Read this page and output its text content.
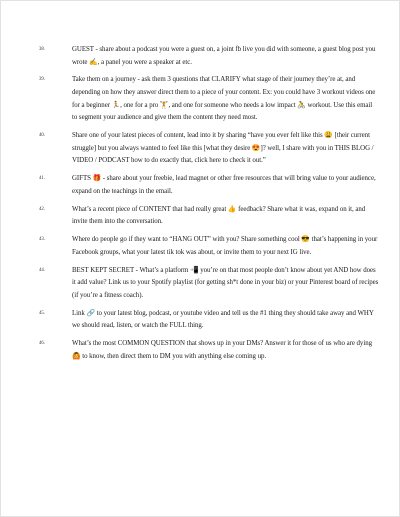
38.	GUEST - share about a podcast you were a guest on, a joint fb live you did with someone, a guest blog post you wrote ✍️, a panel you were a speaker at etc.
39.	Take them on a journey - ask them 3 questions that CLARIFY what stage of their journey they’re at, and depending on how they answer direct them to a piece of your content. Ex: you could have 3 workout videos one for a beginner 🏃, one for a pro 🏋️, and one for someone who needs a low impact 🚴 workout. Use this email to segment your audience and give them the content they need most.
40.	Share one of your latest pieces of content, lead into it by sharing “have you ever felt like this 😩 [their current struggle] but you always wanted to feel like this [what they desire 😍]? well, I share with you in THIS BLOG / VIDEO / PODCAST how to do exactly that, click here to check it out.”
41.	GIFTS 🎁 - share about your freebie, lead magnet or other free resources that will bring value to your audience, expand on the teachings in the email.
42.	What’s a recent piece of CONTENT that had really great 👍 feedback? Share what it was, expand on it, and invite them into the conversation.
43.	Where do people go if they want to “HANG OUT” with you? Share something cool 😎 that’s happening in your Facebook groups, what your latest tik tok was about, or invite them to your next IG live.
44.	BEST KEPT SECRET - What’s a platform 📲 you’re on that most people don’t know about yet AND how does it add value? Link us to your Spotify playlist (for getting sh*t done in your biz) or your Pinterest board of recipes (if you’re a fitness coach).
45.	Link 🔗 to your latest blog, podcast, or youtube video and tell us the #1 thing they should take away and WHY we should read, listen, or watch the FULL thing.
46.	What’s the most COMMON QUESTION that shows up in your DMs? Answer it for those of us who are dying 🙆 to know, then direct them to DM you with anything else coming up.
